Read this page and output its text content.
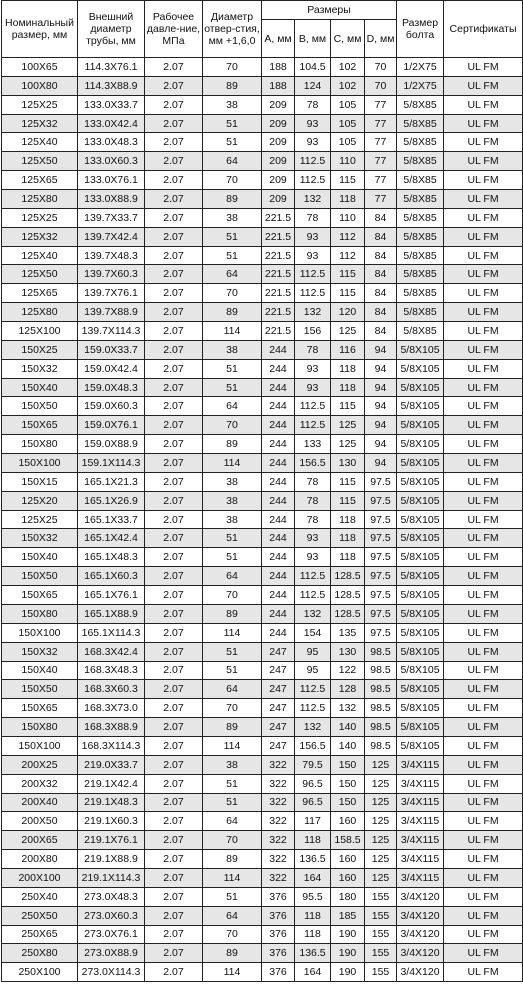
Номинальный размер, мм	Внешний диаметр трубы, мм	Рабочее давле-ние, МПа	Диаметр отвер-стия, мм +1,6,0	Размеры				Размер болта	Сертификаты
				А, мм	B, мм	C, мм	D, мм		
100X65	114.3X76.1	2.07	70	188	104.5	102	70	1/2X75	UL FM
100X80	114.3X88.9	2.07	89	188	124	102	70	1/2X75	UL FM
125X25	133.0X33.7	2.07	38	209	78	105	77	5/8X85	UL FM
125X32	133.0X42.4	2.07	51	209	93	105	77	5/8X85	UL FM
125X40	133.0X48.3	2.07	51	209	93	105	77	5/8X85	UL FM
125X50	133.0X60.3	2.07	64	209	112.5	110	77	5/8X85	UL FM
125X65	133.0X76.1	2.07	70	209	112.5	115	77	5/8X85	UL FM
125X80	133.0X88.9	2.07	89	209	132	118	77	5/8X85	UL FM
125X25	139.7X33.7	2.07	38	221.5	78	110	84	5/8X85	UL FM
125X32	139.7X42.4	2.07	51	221.5	93	112	84	5/8X85	UL FM
125X40	139.7X48.3	2.07	51	221.5	93	112	84	5/8X85	UL FM
125X50	139.7X60.3	2.07	64	221.5	112.5	115	84	5/8X85	UL FM
125X65	139.7X76.1	2.07	70	221.5	112.5	115	84	5/8X85	UL FM
125X80	139.7X88.9	2.07	89	221.5	132	120	84	5/8X85	UL FM
125X100	139.7X114.3	2.07	114	221.5	156	125	84	5/8X85	UL FM
150X25	159.0X33.7	2.07	38	244	78	116	94	5/8X105	UL FM
150X32	159.0X42.4	2.07	51	244	93	118	94	5/8X105	UL FM
150X40	159.0X48.3	2.07	51	244	93	118	94	5/8X105	UL FM
150X50	159.0X60.3	2.07	64	244	112.5	115	94	5/8X105	UL FM
150X65	159.0X76.1	2.07	70	244	112.5	125	94	5/8X105	UL FM
150X80	159.0X88.9	2.07	89	244	133	125	94	5/8X105	UL FM
150X100	159.1X114.3	2.07	114	244	156.5	130	94	5/8X105	UL FM
150X15	165.1X21.3	2.07	38	244	78	115	97.5	5/8X105	UL FM
125X20	165.1X26.9	2.07	38	244	78	115	97.5	5/8X105	UL FM
125X25	165.1X33.7	2.07	38	244	78	118	97.5	5/8X105	UL FM
150X32	165.1X42.4	2.07	51	244	93	118	97.5	5/8X105	UL FM
150X40	165.1X48.3	2.07	51	244	93	118	97.5	5/8X105	UL FM
150X50	165.1X60.3	2.07	64	244	112.5	128.5	97.5	5/8X105	UL FM
150X65	165.1X76.1	2.07	70	244	112.5	128.5	97.5	5/8X105	UL FM
150X80	165.1X88.9	2.07	89	244	132	128.5	97.5	5/8X105	UL FM
150X100	165.1X114.3	2.07	114	244	154	135	97.5	5/8X105	UL FM
150X32	168.3X42.4	2.07	51	247	95	130	98.5	5/8X105	UL FM
150X40	168.3X48.3	2.07	51	247	95	122	98.5	5/8X105	UL FM
150X50	168.3X60.3	2.07	64	247	112.5	128	98.5	5/8X105	UL FM
150X65	168.3X73.0	2.07	70	247	112.5	132	98.5	5/8X105	UL FM
150X80	168.3X88.9	2.07	89	247	132	140	98.5	5/8X105	UL FM
150X100	168.3X114.3	2.07	114	247	156.5	140	98.5	5/8X105	UL FM
200X25	219.0X33.7	2.07	38	322	79.5	150	125	3/4X115	UL FM
200X32	219.1X42.4	2.07	51	322	96.5	150	125	3/4X115	UL FM
200X40	219.1X48.3	2.07	51	322	96.5	150	125	3/4X115	UL FM
200X50	219.1X60.3	2.07	64	322	117	160	125	3/4X115	UL FM
200X65	219.1X76.1	2.07	70	322	118	158.5	125	3/4X115	UL FM
200X80	219.1X88.9	2.07	89	322	136.5	160	125	3/4X115	UL FM
200X100	219.1X114.3	2.07	114	322	164	160	125	3/4X115	UL FM
250X40	273.0X48.3	2.07	51	376	95.5	180	155	3/4X120	UL FM
250X50	273.0X60.3	2.07	64	376	118	185	155	3/4X120	UL FM
250X65	273.0X76.1	2.07	70	376	118	190	155	3/4X120	UL FM
250X80	273.0X88.9	2.07	89	376	136.5	190	155	3/4X120	UL FM
250X100	273.0X114.3	2.07	114	376	164	190	155	3/4X120	UL FM
